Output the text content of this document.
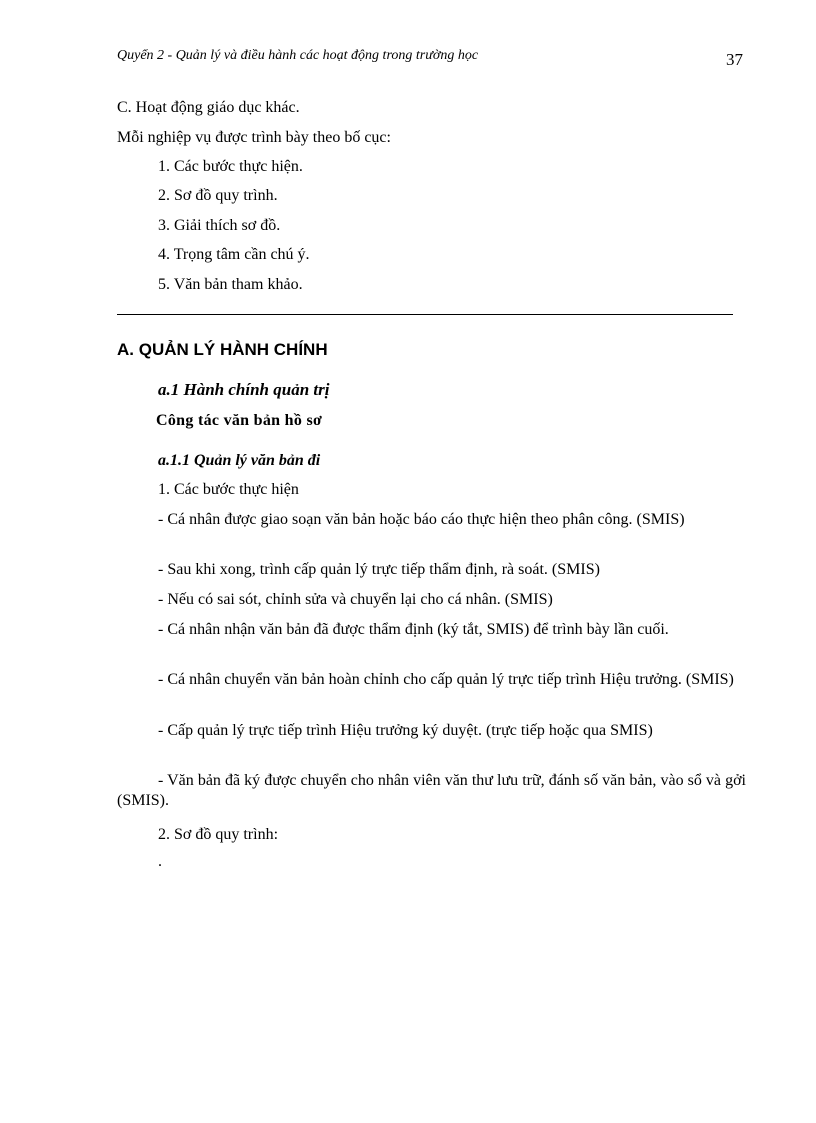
Quyển 2 - Quản lý và điều hành các hoạt động trong trường học	37
C. Hoạt động giáo dục khác.
Mỗi nghiệp vụ được trình bày theo bố cục:
1. Các bước thực hiện.
2. Sơ đồ quy trình.
3. Giải thích sơ đồ.
4. Trọng tâm cần chú ý.
5. Văn bản tham khảo.
A. QUẢN LÝ HÀNH CHÍNH
a.1 Hành chính quản trị
Công tác văn bản hồ sơ
a.1.1 Quản lý văn bản đi
1. Các bước thực hiện
- Cá nhân được giao soạn văn bản hoặc báo cáo thực hiện theo phân công. (SMIS)
- Sau khi xong, trình cấp quản lý trực tiếp thẩm định, rà soát. (SMIS)
- Nếu có sai sót, chỉnh sửa và chuyển lại cho cá nhân. (SMIS)
- Cá nhân nhận văn bản đã được thẩm định (ký tắt, SMIS) để trình bày lần cuối.
- Cá nhân chuyển văn bản hoàn chỉnh cho cấp quản lý trực tiếp trình Hiệu trưởng. (SMIS)
- Cấp quản lý trực tiếp trình Hiệu trưởng ký duyệt. (trực tiếp hoặc qua SMIS)
- Văn bản đã ký được chuyển cho nhân viên văn thư lưu trữ, đánh số văn bản, vào sổ và gởi (SMIS).
2. Sơ đồ quy trình:
.
